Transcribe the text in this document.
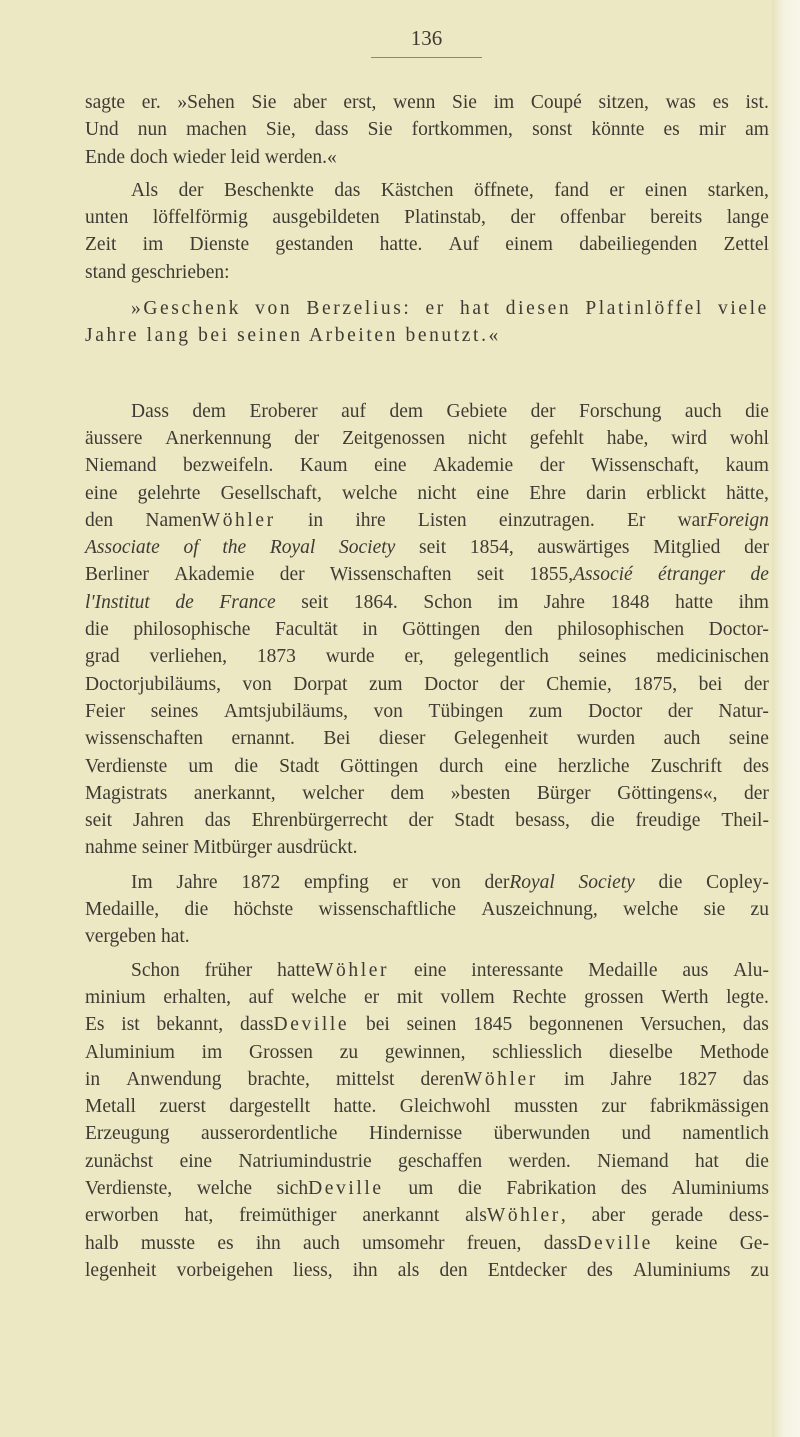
136
sagte er. »Sehen Sie aber erst, wenn Sie im Coupé sitzen, was es ist.
Und nun machen Sie, dass Sie fortkommen, sonst könnte es mir am
Ende doch wieder leid werden.«
Als der Beschenkte das Kästchen öffnete, fand er einen starken,
unten löffelförmig ausgebildeten Platinstab, der offenbar bereits lange
Zeit im Dienste gestanden hatte. Auf einem dabeiliegenden Zettel
stand geschrieben:
»Geschenk von Berzelius: er hat diesen Platinlöffel viele
Jahre lang bei seinen Arbeiten benutzt.«
Dass dem Eroberer auf dem Gebiete der Forschung auch die
äussere Anerkennung der Zeitgenossen nicht gefehlt habe, wird wohl
Niemand bezweifeln. Kaum eine Akademie der Wissenschaft, kaum
eine gelehrte Gesellschaft, welche nicht eine Ehre darin erblickt hätte,
den NamenWöhler in ihre Listen einzutragen. Er warForeign
Associate of the Royal Society seit 1854, auswärtiges Mitglied der
Berliner Akademie der Wissenschaften seit 1855,Associé étranger de
l'Institut de France seit 1864. Schon im Jahre 1848 hatte ihm
die philosophische Facultät in Göttingen den philosophischen Doctor-
grad verliehen, 1873 wurde er, gelegentlich seines medicinischen
Doctorjubiläums, von Dorpat zum Doctor der Chemie, 1875, bei der
Feier seines Amtsjubiläums, von Tübingen zum Doctor der Natur-
wissenschaften ernannt. Bei dieser Gelegenheit wurden auch seine
Verdienste um die Stadt Göttingen durch eine herzliche Zuschrift des
Magistrats anerkannt, welcher dem »besten Bürger Göttingens«, der
seit Jahren das Ehrenbürgerrecht der Stadt besass, die freudige Theil-
nahme seiner Mitbürger ausdrückt.
Im Jahre 1872 empfing er von derRoyal Society die Copley-
Medaille, die höchste wissenschaftliche Auszeichnung, welche sie zu
vergeben hat.
Schon früher hatteWöhler eine interessante Medaille aus Alu-
minium erhalten, auf welche er mit vollem Rechte grossen Werth legte.
Es ist bekannt, dassDeville bei seinen 1845 begonnenen Versuchen, das
Aluminium im Grossen zu gewinnen, schliesslich dieselbe Methode
in Anwendung brachte, mittelst derenWöhler im Jahre 1827 das
Metall zuerst dargestellt hatte. Gleichwohl mussten zur fabrikmässigen
Erzeugung ausserordentliche Hindernisse überwunden und namentlich
zunächst eine Natriumindustrie geschaffen werden. Niemand hat die
Verdienste, welche sichDeville um die Fabrikation des Aluminiums
erworben hat, freimüthiger anerkannt alsWöhler, aber gerade dess-
halb musste es ihn auch umsomehr freuen, dassDeville keine Ge-
legenheit vorbeigehen liess, ihn als den Entdecker des Aluminiums zu
